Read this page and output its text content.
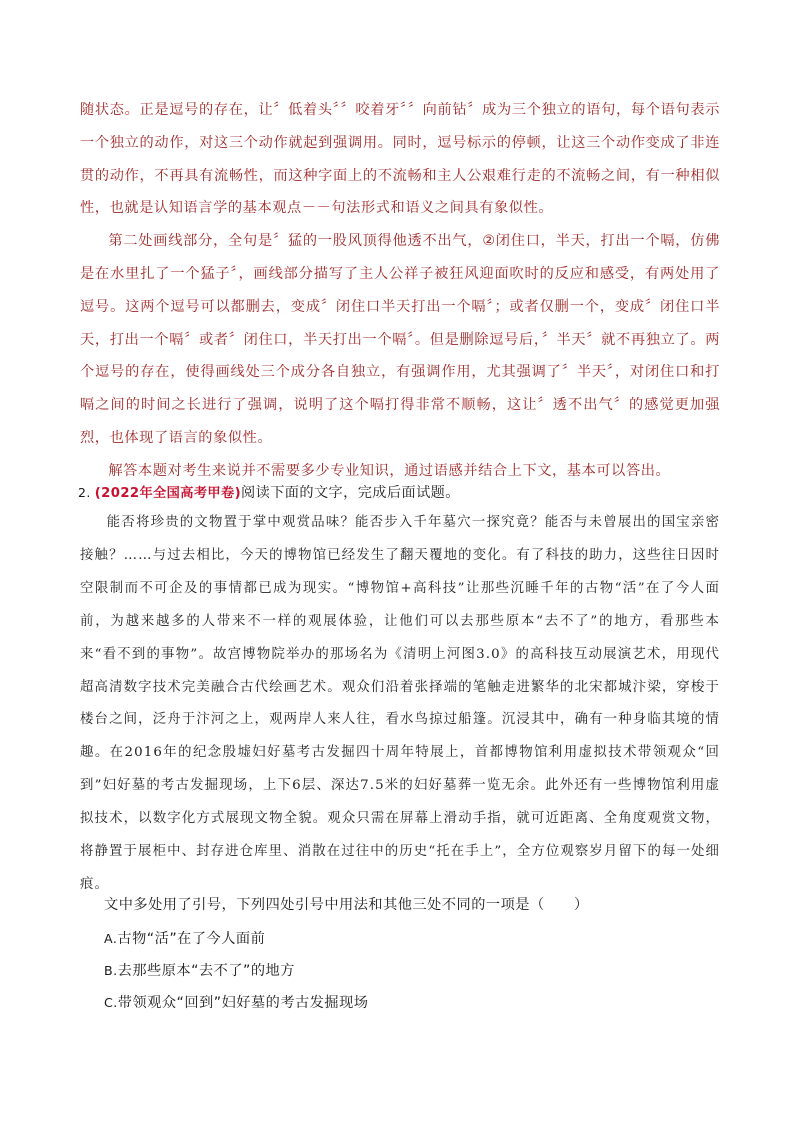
随状态。正是逗号的存在，让〞低着头〞〞咬着牙〞〞向前钻〞成为三个独立的语句，每个语句表示一个独立的动作，对这三个动作就起到强调用。同时，逗号标示的停顿，让这三个动作变成了非连贯的动作，不再具有流畅性，而这种字面上的不流畅和主人公艰难行走的不流畅之间，有一种相似性，也就是认知语言学的基本观点－－句法形式和语义之间具有象似性。

第二处画线部分，全句是〞猛的一股风顶得他透不出气，②闭住口，半天，打出一个嗝，仿佛是在水里扎了一个猛子〞，画线部分描写了主人公祥子被狂风迎面吹时的反应和感受，有两处用了逗号。这两个逗号可以都删去，变成〞闭住口半天打出一个嗝〞；或者仅删一个，变成〞闭住口半天，打出一个嗝〞或者〞闭住口，半天打出一个嗝〞。但是删除逗号后，〞半天〞就不再独立了。两个逗号的存在，使得画线处三个成分各自独立，有强调作用，尤其强调了〞半天〞，对闭住口和打嗝之间的时间之长进行了强调，说明了这个嗝打得非常不顺畅，这让〞透不出气〞的感觉更加强烈，也体现了语言的象似性。

解答本题对考生来说并不需要多少专业知识，通过语感并结合上下文，基本可以答出。

2. (2022年全国高考甲卷)阅读下面的文字，完成后面试题。

能否将珍贵的文物置于掌中观赏品味？能否步入千年墓穴一探究竟？能否与未曾展出的国宝亲密接触？……与过去相比，今天的博物馆已经发生了翻天覆地的变化。有了科技的助力，这些往日因时空限制而不可企及的事情都已成为现实。“博物馆+高科技”让那些沉睡千年的古物“活”在了今人面前，为越来越多的人带来不一样的观展体验，让他们可以去那些原本“去不了”的地方，看那些本来“看不到的事物”。故宫博物院举办的那场名为《清明上河图3.0》的高科技互动展演艺术，用现代超高清数字技术完美融合古代绘画艺术。观众们沿着张择端的笔触走进繁华的北宋都城汴梁，穿梭于楼台之间，泛舟于汴河之上，观两岸人来人往，看水鸟掠过船篷。沉浸其中，确有一种身临其境的情趣。在2016年的纪念殷墟妇好墓考古发掘四十周年特展上，首都博物馆利用虚拟技术带领观众“回到”妇好墓的考古发掘现场，上下6层、深达7.5米的妇好墓葬一览无余。此外还有一些博物馆利用虚拟技术，以数字化方式展现文物全貌。观众只需在屏幕上滑动手指，就可近距离、全角度观赏文物，将静置于展柜中、封存进仓库里、消散在过往中的历史“托在手上”，全方位观察岁月留下的每一处细痕。

文中多处用了引号，下列四处引号中用法和其他三处不同的一项是（　　）

A.古物“活”在了今人面前

B.去那些原本“去不了”的地方

C.带领观众“回到”妇好墓的考古发掘现场
